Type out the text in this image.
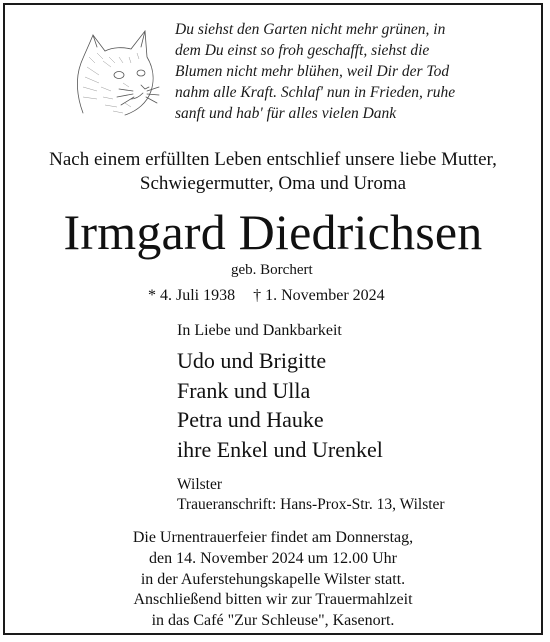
Du siehst den Garten nicht mehr grünen, in
dem Du einst so froh geschafft, siehst die
Blumen nicht mehr blühen, weil Dir der Tod
nahm alle Kraft. Schlaf' nun in Frieden, ruhe
sanft und hab' für alles vielen Dank
Nach einem erfüllten Leben entschlief unsere liebe Mutter,
Schwiegermutter, Oma und Uroma
Irmgard Diedrichsen
geb. Borchert
* 4. Juli 1938 † 1. November 2024
In Liebe und Dankbarkeit
Udo und Brigitte
Frank und Ulla
Petra und Hauke
ihre Enkel und Urenkel
Wilster
Traueranschrift: Hans-Prox-Str. 13, Wilster
Die Urnentrauerfeier findet am Donnerstag,
den 14. November 2024 um 12.00 Uhr
in der Auferstehungskapelle Wilster statt.
Anschließend bitten wir zur Trauermahlzeit
in das Café "Zur Schleuse", Kasenort.
